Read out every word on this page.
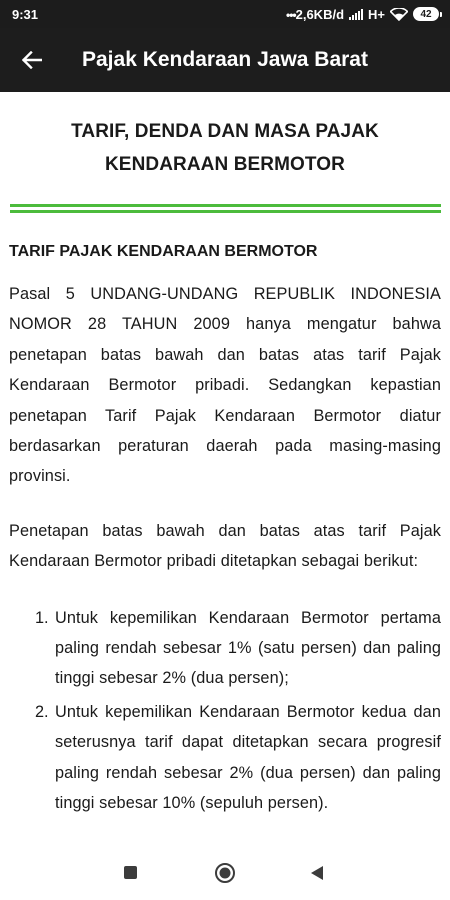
9:31	•••2,6KB/d H+	42
Pajak Kendaraan Jawa Barat
TARIF, DENDA DAN MASA PAJAK
KENDARAAN BERMOTOR
TARIF PAJAK KENDARAAN BERMOTOR

Pasal 5 UNDANG-UNDANG REPUBLIK INDONESIA NOMOR 28 TAHUN 2009 hanya mengatur bahwa penetapan batas bawah dan batas atas tarif Pajak Kendaraan Bermotor pribadi. Sedangkan kepastian penetapan Tarif Pajak Kendaraan Bermotor diatur berdasarkan peraturan daerah pada masing-masing provinsi.

Penetapan batas bawah dan batas atas tarif Pajak Kendaraan Bermotor pribadi ditetapkan sebagai berikut:

1. Untuk kepemilikan Kendaraan Bermotor pertama paling rendah sebesar 1% (satu persen) dan paling tinggi sebesar 2% (dua persen);
2. Untuk kepemilikan Kendaraan Bermotor kedua dan seterusnya tarif dapat ditetapkan secara progresif paling rendah sebesar 2% (dua persen) dan paling tinggi sebesar 10% (sepuluh persen).
